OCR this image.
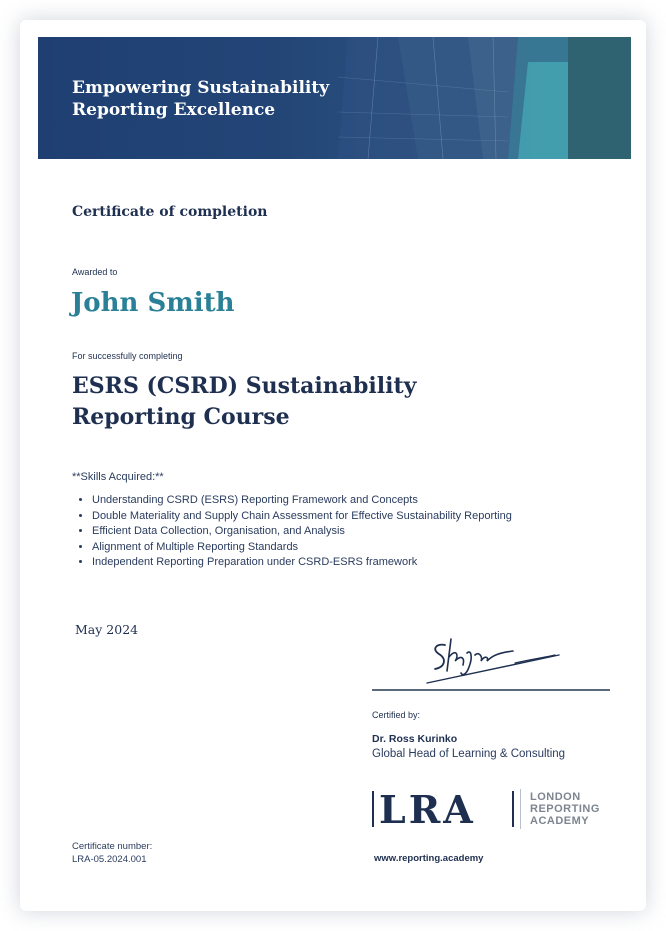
Empowering Sustainability
Reporting Excellence
Certificate of completion
Awarded to
John Smith
For successfully completing
ESRS (CSRD) Sustainability Reporting Course
**Skills Acquired:**
• Understanding CSRD (ESRS) Reporting Framework and Concepts
• Double Materiality and Supply Chain Assessment for Effective Sustainability Reporting
• Efficient Data Collection, Organisation, and Analysis
• Alignment of Multiple Reporting Standards
• Independent Reporting Preparation under CSRD-ESRS framework
May 2024
Certified by:
Dr. Ross Kurinko
Global Head of Learning & Consulting
LRA	LONDON
REPORTING
ACADEMY
www.reporting.academy
Certificate number:
LRA-05.2024.001
